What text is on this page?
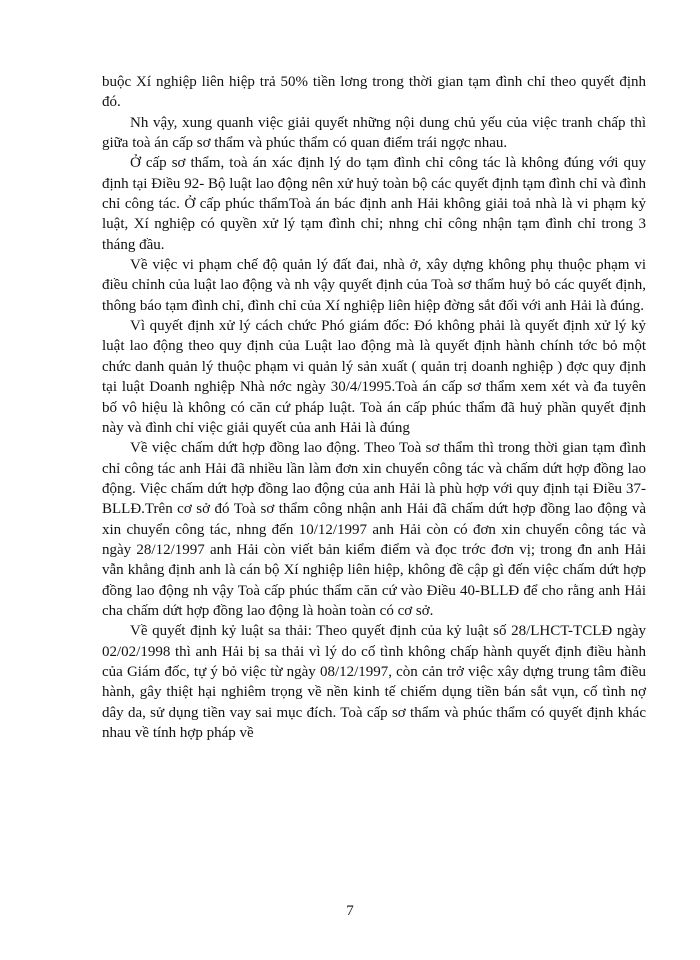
buộc Xí nghiệp liên hiệp trả 50% tiền lơng trong thời gian tạm đình chỉ theo quyết định đó.

Nh vậy, xung quanh việc giải quyết những nội dung chủ yếu của việc tranh chấp thì giữa toà án cấp sơ thẩm và phúc thẩm có quan điểm trái ngợc nhau.

Ở cấp sơ thẩm, toà án xác định lý do tạm đình chỉ công tác là không đúng với quy định tại Điều 92- Bộ luật lao động nên xử huỷ toàn bộ các quyết định tạm đình chỉ và đình chỉ công tác. Ở cấp phúc thẩmToà án bác định anh Hải không giải toả nhà là vi phạm kỷ luật, Xí nghiệp có quyền xử lý tạm đình chỉ; nhng chỉ công nhận tạm đình chỉ trong 3 tháng đầu.

Về việc vi phạm chế độ quản lý đất đai, nhà ở, xây dựng không phụ thuộc phạm vi điều chỉnh của luật lao động và nh vậy quyết định của Toà sơ thẩm huỷ bỏ các quyết định, thông báo tạm đình chỉ, đình chỉ của Xí nghiệp liên hiệp đờng sắt đối với anh Hải là đúng.

Vì quyết định xử lý cách chức Phó giám đốc: Đó không phải là quyết định xử lý kỷ luật lao động theo quy định của Luật lao động mà là quyết định hành chính tớc bỏ một chức danh quản lý thuộc phạm vi quản lý sản xuất ( quản trị doanh nghiệp ) đợc quy định tại luật Doanh nghiệp Nhà nớc ngày 30/4/1995.Toà án cấp sơ thẩm xem xét và đa tuyên bố vô hiệu là không có căn cứ pháp luật. Toà án cấp phúc thẩm đã huỷ phần quyết định này và đình chỉ việc giải quyết của anh Hải là đúng

Về việc chấm dứt hợp đồng lao động. Theo Toà sơ thẩm thì trong thời gian tạm đình chỉ công tác anh Hải đã nhiều lần làm đơn xin chuyển công tác và chấm dứt hợp đồng lao động. Việc chấm dứt hợp đồng lao động của anh Hải là phù hợp với quy định tại Điều 37-BLLĐ.Trên cơ sở đó Toà sơ thẩm công nhận anh Hải đã chấm dứt hợp đồng lao động và xin chuyển công tác, nhng đến 10/12/1997 anh Hải còn có đơn xin chuyển công tác và ngày 28/12/1997 anh Hải còn viết bản kiểm điểm và đọc trớc đơn vị; trong đn anh Hải vẫn khẳng định anh là cán bộ Xí nghiệp liên hiệp, không đề cập gì đến việc chấm dứt hợp đồng lao động nh vậy Toà cấp phúc thẩm căn cứ vào Điều 40-BLLĐ để cho rằng anh Hải cha chấm dứt hợp đồng lao động là hoàn toàn có cơ sở.

Về quyết định kỷ luật sa thải: Theo quyết định của kỷ luật số 28/LHCT-TCLĐ ngày 02/02/1998 thì anh Hải bị sa thải vì lý do cố tình không chấp hành quyết định điều hành của Giám đốc, tự ý bỏ việc từ ngày 08/12/1997, còn cản trở việc xây dựng trung tâm điều hành, gây thiệt hại nghiêm trọng về nền kinh tế chiếm dụng tiền bán sắt vụn, cố tình nợ dây da, sử dụng tiền vay sai mục đích. Toà cấp sơ thẩm và phúc thẩm có quyết định khác nhau về tính hợp pháp về

7
